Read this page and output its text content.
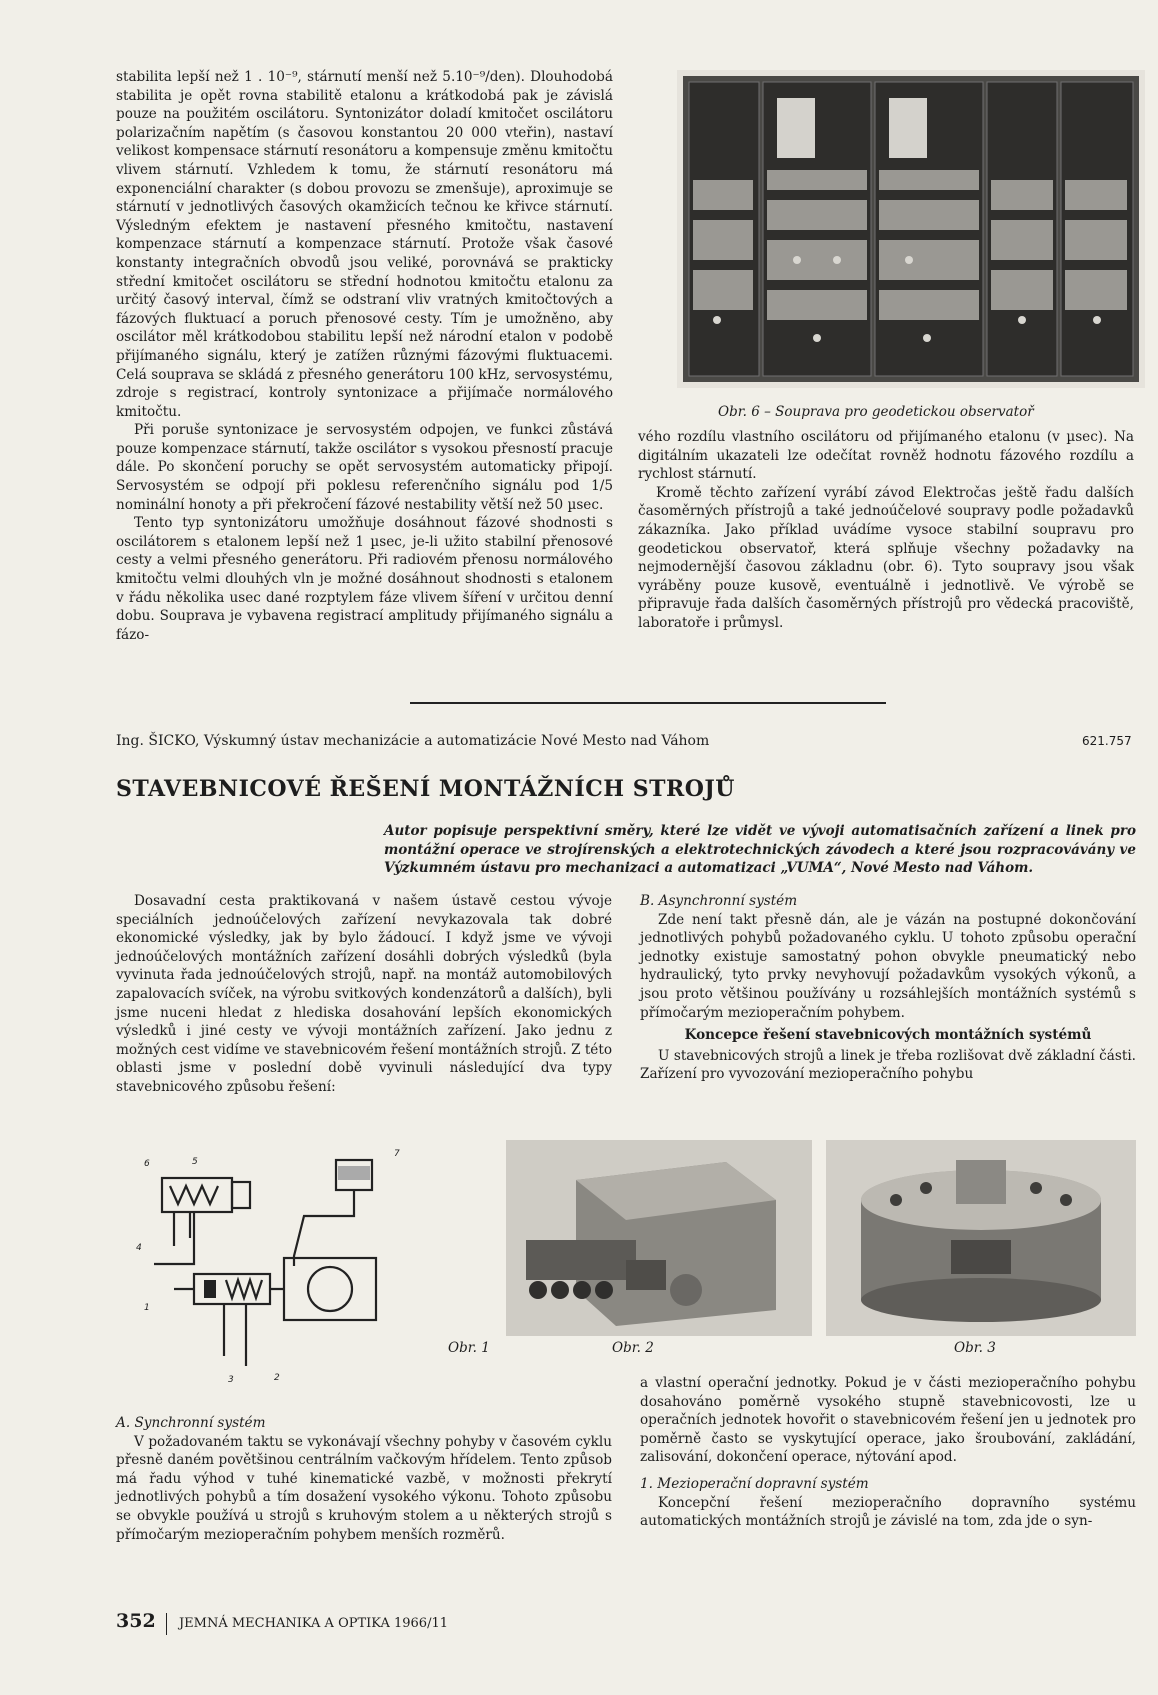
stabilita lepší než 1 . 10⁻⁹, stárnutí menší než 5.10⁻⁹/den). Dlouhodobá stabilita je opět rovna stabilitě etalonu a krátkodobá pak je závislá pouze na použitém oscilátoru. Syntonizátor doladí kmitočet oscilátoru polarizačním napětím (s časovou konstantou 20 000 vteřin), nastaví velikost kompensace stárnutí resonátoru a kompensuje změnu kmitočtu vlivem stárnutí. Vzhledem k tomu, že stárnutí resonátoru má exponenciální charakter (s dobou provozu se zmenšuje), aproximuje se stárnutí v jednotlivých časových okamžicích tečnou ke křivce stárnutí. Výsledným efektem je nastavení přesného kmitočtu, nastavení kompenzace stárnutí a kompenzace stárnutí. Protože však časové konstanty integračních obvodů jsou veliké, porovnává se prakticky střední kmitočet oscilátoru se střední hodnotou kmitočtu etalonu za určitý časový interval, čímž se odstraní vliv vratných kmitočtových a fázových fluktuací a poruch přenosové cesty. Tím je umožněno, aby oscilátor měl krátkodobou stabilitu lepší než národní etalon v podobě přijímaného signálu, který je zatížen různými fázovými fluktuacemi. Celá souprava se skládá z přesného generátoru 100 kHz, servosystému, zdroje s registrací, kontroly syntonizace a přijímače normálového kmitočtu.

Při poruše syntonizace je servosystém odpojen, ve funkci zůstává pouze kompenzace stárnutí, takže oscilátor s vysokou přesností pracuje dále. Po skončení poruchy se opět servosystém automaticky připojí. Servosystém se odpojí při poklesu referenčního signálu pod 1/5 nominální honoty a při překročení fázové nestability větší než 50 µsec.

Tento typ syntonizátoru umožňuje dosáhnout fázové shodnosti s oscilátorem s etalonem lepší než 1 µsec, je-li užito stabilní přenosové cesty a velmi přesného generátoru. Při radiovém přenosu normálového kmitočtu velmi dlouhých vln je možné dosáhnout shodnosti s etalonem v řádu několika usec dané rozptylem fáze vlivem šíření v určitou denní dobu. Souprava je vybavena registrací amplitudy přijímaného signálu a fázo-

Obr. 6 – Souprava pro geodetickou observatoř

vého rozdílu vlastního oscilátoru od přijímaného etalonu (v µsec). Na digitálním ukazateli lze odečítat rovněž hodnotu fázového rozdílu a rychlost stárnutí.

Kromě těchto zařízení vyrábí závod Elektročas ještě řadu dalších časoměrných přístrojů a také jednoúčelové soupravy podle požadavků zákazníka. Jako příklad uvádíme vysoce stabilní soupravu pro geodetickou observatoř, která splňuje všechny požadavky na nejmodernější časovou základnu (obr. 6). Tyto soupravy jsou však vyráběny pouze kusově, eventuálně i jednotlivě. Ve výrobě se připravuje řada dalších časoměrných přístrojů pro vědecká pracoviště, laboratoře i průmysl.

Ing. ŠICKO, Výskumný ústav mechanizácie a automatizácie Nové Mesto nad Váhom	621.757
STAVEBNICOVÉ ŘEŠENÍ MONTÁŽNÍCH STROJŮ
Autor popisuje perspektivní směry, které lze vidět ve vývoji automatisačních zařízení a linek pro montážní operace ve strojírenských a elektrotechnických závodech a které jsou rozpracovávány ve Výzkumném ústavu pro mechanizaci a automatizaci „VUMA“, Nové Mesto nad Váhom.

Dosavadní cesta praktikovaná v našem ústavě cestou vývoje speciálních jednoúčelových zařízení nevykazovala tak dobré ekonomické výsledky, jak by bylo žádoucí. I když jsme ve vývoji jednoúčelových montážních zařízení dosáhli dobrých výsledků (byla vyvinuta řada jednoúčelových strojů, např. na montáž automobilových zapalovacích svíček, na výrobu svitkových kondenzátorů a dalších), byli jsme nuceni hledat z hlediska dosahování lepších ekonomických výsledků i jiné cesty ve vývoji montážních zařízení. Jako jednu z možných cest vidíme ve stavebnicovém řešení montážních strojů. Z této oblasti jsme v poslední době vyvinuli následující dva typy stavebnicového způsobu řešení:

B. Asynchronní systém

Zde není takt přesně dán, ale je vázán na postupné dokončování jednotlivých pohybů požadovaného cyklu. U tohoto způsobu operační jednotky existuje samostatný pohon obvykle pneumatický nebo hydraulický, tyto prvky nevyhovují požadavkům vysokých výkonů, a jsou proto většinou používány u rozsáhlejších montážních systémů s přímočarým mezioperačním pohybem.

Koncepce řešení stavebnicových montážních systémů

U stavebnicových strojů a linek je třeba rozlišovat dvě základní části. Zařízení pro vyvozování mezioperačního pohybu

6	5
4
7
3	2
1
Obr. 1	Obr. 2	Obr. 3

A. Synchronní systém

V požadovaném taktu se vykonávají všechny pohyby v časovém cyklu přesně daném povětšinou centrálním vačkovým hřídelem. Tento způsob má řadu výhod v tuhé kinematické vazbě, v možnosti překrytí jednotlivých pohybů a tím dosažení vysokého výkonu. Tohoto způsobu se obvykle používá u strojů s kruhovým stolem a u některých strojů s přímočarým mezioperačním pohybem menších rozměrů.

a vlastní operační jednotky. Pokud je v části mezioperačního pohybu dosahováno poměrně vysokého stupně stavebnicovosti, lze u operačních jednotek hovořit o stavebnicovém řešení jen u jednotek pro poměrně často se vyskytující operace, jako šroubování, zakládání, zalisování, dokončení operace, nýtování apod.

1. Mezioperační dopravní systém

Koncepční řešení mezioperačního dopravního systému automatických montážních strojů je závislé na tom, zda jde o syn-

352 JEMNÁ MECHANIKA A OPTIKA 1966/11
